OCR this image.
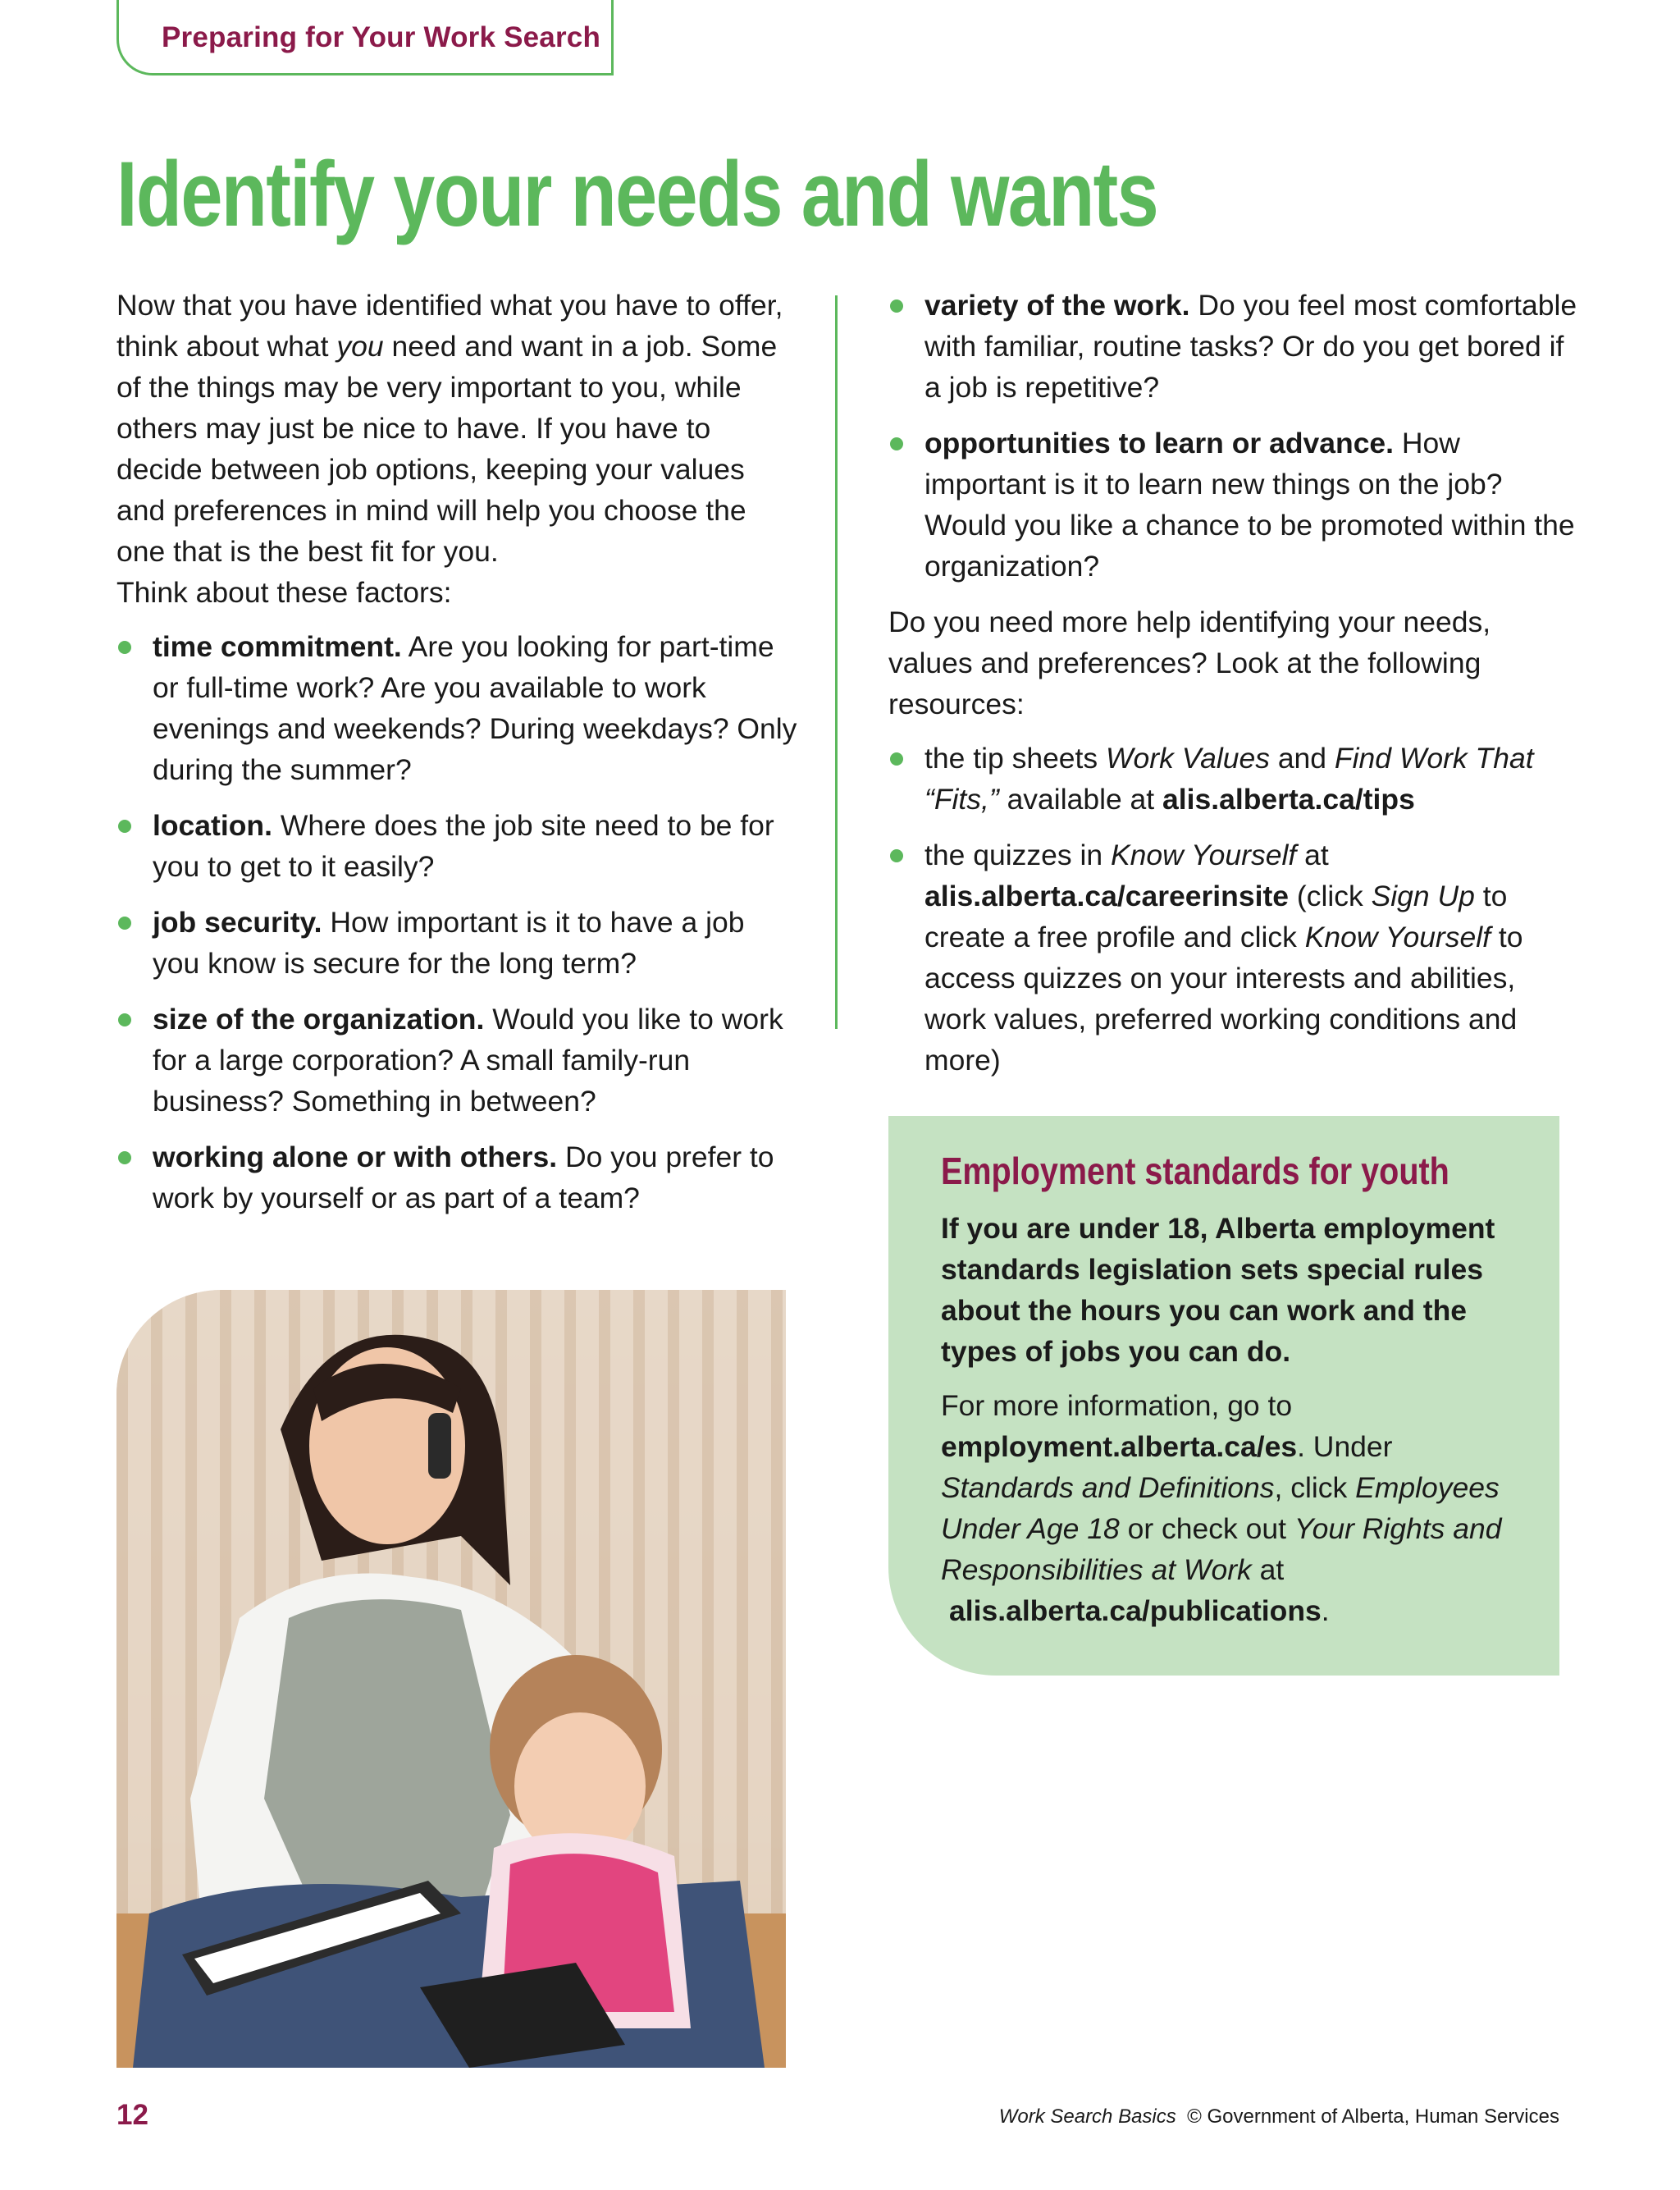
Preparing for Your Work Search
Identify your needs and wants

Now that you have identified what you have to offer, think about what you need and want in a job. Some of the things may be very important to you, while others may just be nice to have. If you have to decide between job options, keeping your values and preferences in mind will help you choose the one that is the best fit for you.

Think about these factors:

time commitment. Are you looking for part-time or full-time work? Are you available to work evenings and weekends? During weekdays? Only during the summer?
location. Where does the job site need to be for you to get to it easily?
job security. How important is it to have a job you know is secure for the long term?
size of the organization. Would you like to work for a large corporation? A small family-run business? Something in between?
working alone or with others. Do you prefer to work by yourself or as part of a team?
variety of the work. Do you feel most comfortable with familiar, routine tasks? Or do you get bored if a job is repetitive?
opportunities to learn or advance. How important is it to learn new things on the job? Would you like a chance to be promoted within the organization?

Do you need more help identifying your needs, values and preferences? Look at the following resources:

the tip sheets Work Values and Find Work That “Fits,” available at alis.alberta.ca/tips
the quizzes in Know Yourself at alis.alberta.ca/careerinsite (click Sign Up to create a free profile and click Know Yourself to access quizzes on your interests and abilities, work values, preferred working conditions and more)
Employment standards for youth

If you are under 18, Alberta employment standards legislation sets special rules about the hours you can work and the types of jobs you can do.

For more information, go to employment.alberta.ca/es. Under Standards and Definitions, click Employees Under Age 18 or check out Your Rights and Responsibilities at Work at
alis.alberta.ca/publications.

12	Work Search Basics © Government of Alberta, Human Services
